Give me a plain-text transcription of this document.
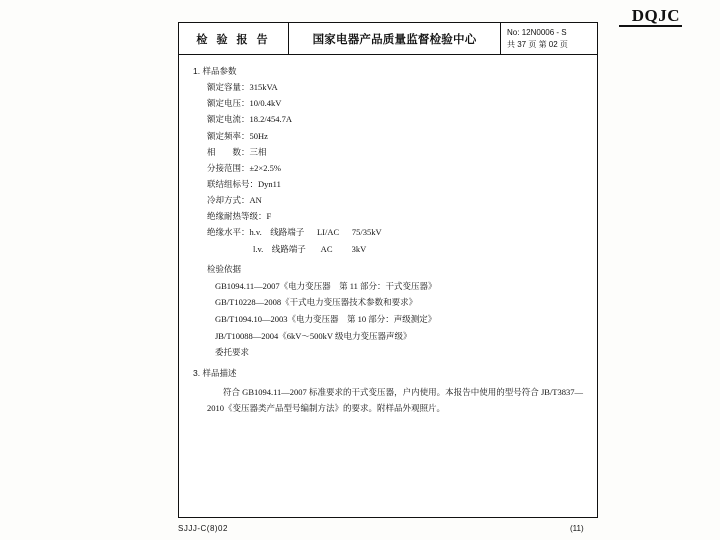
DQJC
检 验 报 告	国家电器产品质量监督检验中心
No: 12N0006 - S
共 37 页 第 02 页
1. 样品参数
额定容量：315kVA
额定电压：10/0.4kV
额定电流：18.2/454.7A
额定频率：50Hz
相　　数：三相
分接范围：±2×2.5%
联结组标号：Dyn11
冷却方式：AN
绝缘耐热等级：F
绝缘水平：h.v.    线路端子      LI/AC      75/35kV
l.v.    线路端子       AC         3kV
检验依据
GB1094.11—2007《电力变压器    第 11 部分：干式变压器》
GB/T10228—2008《干式电力变压器技术参数和要求》
GB/T1094.10—2003《电力变压器    第 10 部分：声级测定》
JB/T10088—2004《6kV～500kV 级电力变压器声级》
委托要求
3. 样品描述
符合 GB1094.11—2007 标准要求的干式变压器，户内使用。本报告中使用的型号符合 JB/T3837—2010《变压器类产品型号编制方法》的要求。附样品外观照片。
SJJJ-C(8)02	(11)
